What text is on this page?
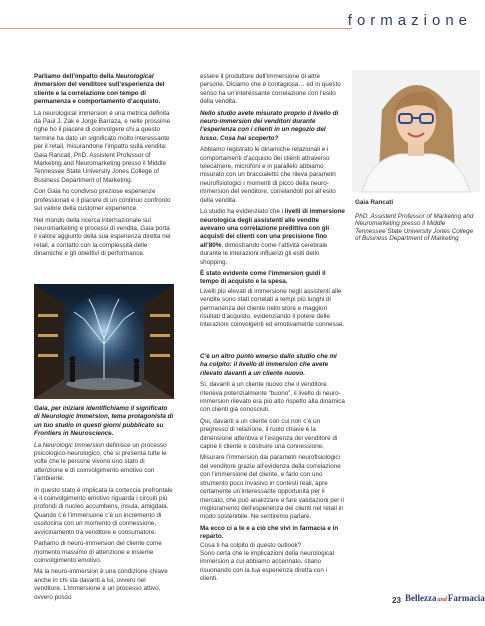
formazione

Parliamo dell’impatto della Neurological Immersion del venditore sull’esperienza del cliente e la correlazione con tempo di permanenza e comportamento d’acquisto.

La neurological immersion è una metrica definita da Paul J. Zak e Jorge Barraza, e nelle prossime righe ho il piacere di coinvolgere chi a questo termine ha dato un significato molto interessante per il retail, misurandone l’impatto sulla vendita: Gaia Rancati, PhD. Assistent Professor of Marketing and Neuromarketing presso il Middle Tennessee State University Jones College of Business Department of Marketing.

Con Gaia ho condiviso preziose esperienze professionali e il piacere di un continuo confronto sul valore della customer experience.

Nel mondo della ricerca internazionale sul neuromarketing e processi di vendita, Gaia porta il valore aggiunto della sua esperienza diretta nel retail, a contatto con la complessità delle dinamiche e gli obiettivi di performance.

Gaia, per iniziare identifichiamo il significato di Neurologic Immersion, tema protagonista di un tuo studio in questi giorni pubblicato su Frontiers in Neuroscience.

La Neurologic Immersion definisce un processo psicologico-neurologico, che si presenta tutte le volte che le persone vivono uno stato di attenzione e di coinvolgimento emotivo con l’ambiente.

In questo stato è implicata la corteccia prefrontale e il coinvolgimento emotivo riguarda i circuiti più profondi di nucleo accumbens, insula, amigdala. Quando c’è l’immersione c’è un incremento di ossitocina con un momento di connessione, avvicinamento tra venditore e consumatore.

Parliamo di neuro-immersion del cliente come momento massimo di attenzione e insieme coinvolgimento emotivo.

Ma la neuro-immersion è una condizione chiave anche in chi sta davanti a lui, ovvero nel venditore. L’immersione è un processo attivo, ovvero posso

essere il produttore dell’immersione di altre persone. Diciamo che è contagiosa… ed in questo senso ha un’interessante correlazione con l’esito della vendita.

Nello studio avete misurato proprio il livello di neuro-immersion dei venditori durante l’esperienza con i clienti in un negozio del lusso. Cosa hai scoperto?

Abbiamo registrato le dinamiche relazionali e i comportamenti d’acquisto dei clienti attraverso telecamere, microfoni e in parallelo abbiamo misurato con un braccialetto che rileva parametri neurofisiologici i momenti di picco della neuro-immersion del venditore, correlandoli poi all’esito della vendita.

Lo studio ha evidenziato che i livelli di immersione neurologica degli assistenti alle vendite avevano una correlazione predittiva con gli acquisti dei clienti con una precisione fino all’80%, dimostrando come l’attività cerebrale durante le interazioni influenzi gli esiti dello shopping.

È stato evidente come l’immersion guidi il tempo di acquisto e la spesa.

Livelli più elevati di immersione negli assistenti alle vendite sono stati correlati a tempi più lunghi di permanenza del cliente nello store e maggiori risultati d’acquisto, evidenziando il potere delle interazioni coinvolgenti ed emotivamente connesse.

C’è un altro punto emerso dallo studio che mi ha colpito: il livello di immersion che avete rilevato davanti a un cliente nuovo.

Sì, davanti a un cliente nuovo che il venditore riteneva potenzialmente “buono”, il livello di neuro-immersion rilevato era più alto rispetto alla dinamica con clienti già conosciuti.

Qui, davanti a un cliente con cui non c’è un pregresso di relazione, il ruolo chiave è la dimensione attentiva e l’esigenza del venditore di capire il cliente e costruire una connessione.

Misurare l’immersion dai parametri neurofisiologici del venditore grazie all’evidenza della correlazione con l’immersione del cliente, e farlo con uno strumento poco invasivo in contesti reali, apre certamente un’interessante opportunità per il mercato, che può analizzare e fare valutazioni per il miglioramento dell’esperienza dei clienti nel retail in modo sostenibile. Ne sentiremo parlare.

Ma ecco ci a te e a ciò che vivi in farmacia e in reparto.

Cosa ti ha colpito di questo outlook?

Sono certa che le implicazioni della neurological immersion a cui abbiamo accennato, stiano risuonando con la tua esperienza diretta con i clienti.

Gaia Rancati
PhD. Assistent Professor of Marketing and Neuromarketing presso il Middle Tennessee State University Jones College of Business Department of Marketing
23 BellezzaandFarmacia
